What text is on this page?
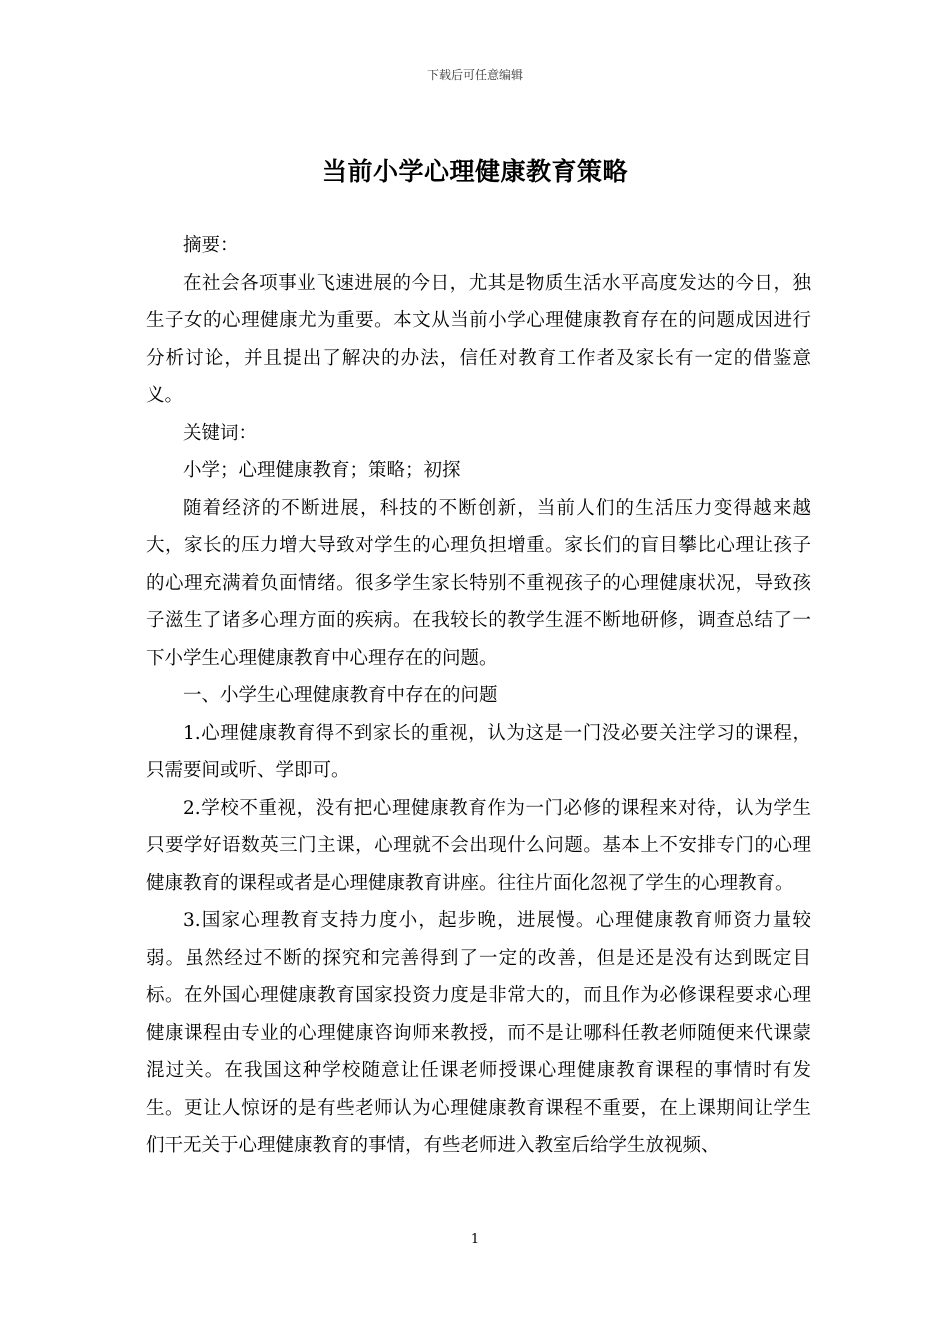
下载后可任意编辑
当前小学心理健康教育策略

摘要：

在社会各项事业飞速进展的今日，尤其是物质生活水平高度发达的今日，独生子女的心理健康尤为重要。本文从当前小学心理健康教育存在的问题成因进行分析讨论，并且提出了解决的办法，信任对教育工作者及家长有一定的借鉴意义。

关键词：

小学；心理健康教育；策略；初探

随着经济的不断进展，科技的不断创新，当前人们的生活压力变得越来越大，家长的压力增大导致对学生的心理负担增重。家长们的盲目攀比心理让孩子的心理充满着负面情绪。很多学生家长特别不重视孩子的心理健康状况，导致孩子滋生了诸多心理方面的疾病。在我较长的教学生涯不断地研修，调查总结了一下小学生心理健康教育中心理存在的问题。

一、小学生心理健康教育中存在的问题

1.心理健康教育得不到家长的重视，认为这是一门没必要关注学习的课程，只需要间或听、学即可。

2.学校不重视，没有把心理健康教育作为一门必修的课程来对待，认为学生只要学好语数英三门主课，心理就不会出现什么问题。基本上不安排专门的心理健康教育的课程或者是心理健康教育讲座。往往片面化忽视了学生的心理教育。

3.国家心理教育支持力度小，起步晚，进展慢。心理健康教育师资力量较弱。虽然经过不断的探究和完善得到了一定的改善，但是还是没有达到既定目标。在外国心理健康教育国家投资力度是非常大的，而且作为必修课程要求心理健康课程由专业的心理健康咨询师来教授，而不是让哪科任教老师随便来代课蒙混过关。在我国这种学校随意让任课老师授课心理健康教育课程的事情时有发生。更让人惊讶的是有些老师认为心理健康教育课程不重要，在上课期间让学生们干无关于心理健康教育的事情，有些老师进入教室后给学生放视频、

1
